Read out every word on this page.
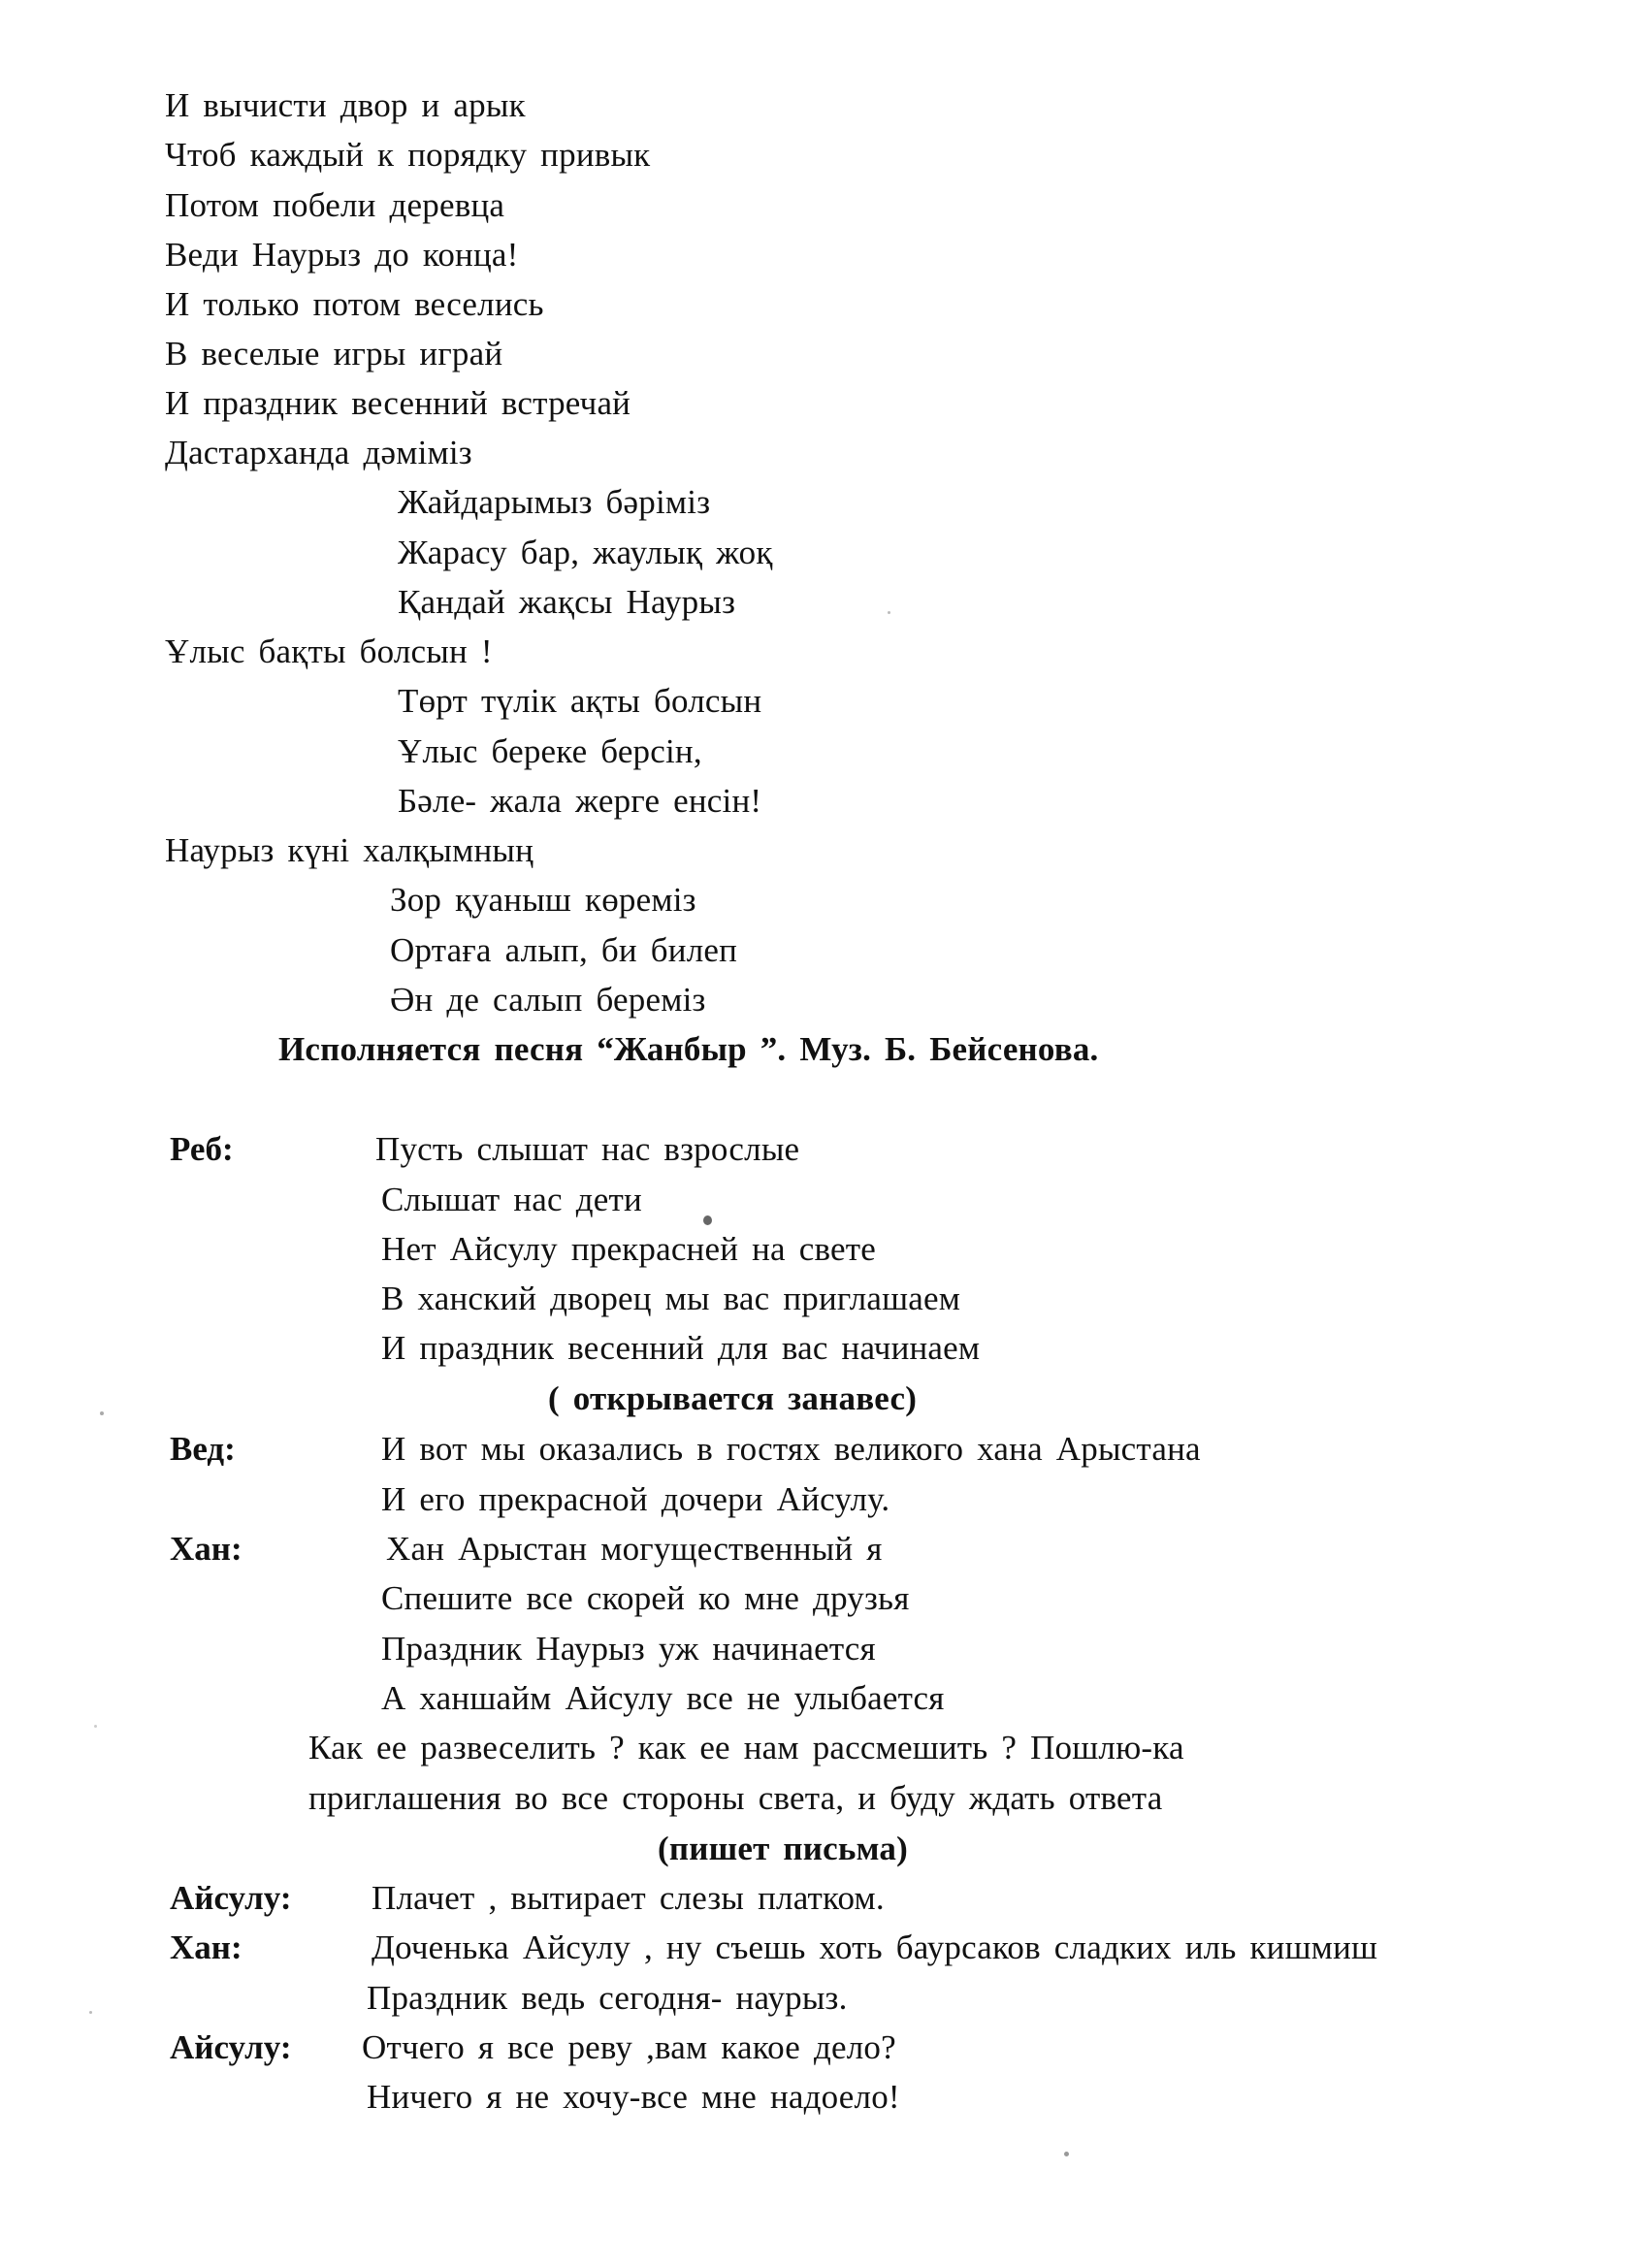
И вычисти двор и арык
Чтоб каждый к порядку привык
Потом побели деревца
Веди Наурыз до конца!
И только потом веселись
В веселые игры играй
И праздник весенний встречай
Дастарханда дәміміз
Жайдарымыз бәріміз
Жарасу бар, жаулық жоқ
Қандай жақсы Наурыз
Ұлыс бақты болсын !
Төрт түлік ақты болсын
Ұлыс береке берсін,
Бәле- жала жерге енсін!
Наурыз күні халқымның
Зор қуаныш көреміз
Ортаға алып, би билеп
Ән де салып береміз
Исполняется песня “Жанбыр ”. Муз. Б. Бейсенова.
Реб:	Пусть слышат нас взрослые
Слышат нас дети
Нет Айсулу прекрасней на свете
В ханский дворец мы вас приглашаем
И праздник весенний для вас начинаем
( открывается занавес)
Вед:	И вот мы оказались в гостях великого хана Арыстана
И его прекрасной дочери Айсулу.
Хан:	Хан Арыстан могущественный я
Спешите все скорей ко мне друзья
Праздник Наурыз уж начинается
А ханшайм Айсулу все не улыбается
Как ее развеселить ? как ее нам рассмешить ? Пошлю-ка
приглашения во все стороны света, и буду ждать ответа
(пишет письма)
Айсулу: Плачет , вытирает слезы платком.
Хан:	Доченька Айсулу , ну съешь хоть баурсаков сладких иль кишмиш
Праздник ведь сегодня- наурыз.
Айсулу: Отчего я все реву ,вам какое дело?
Ничего я не хочу-все мне надоело!
